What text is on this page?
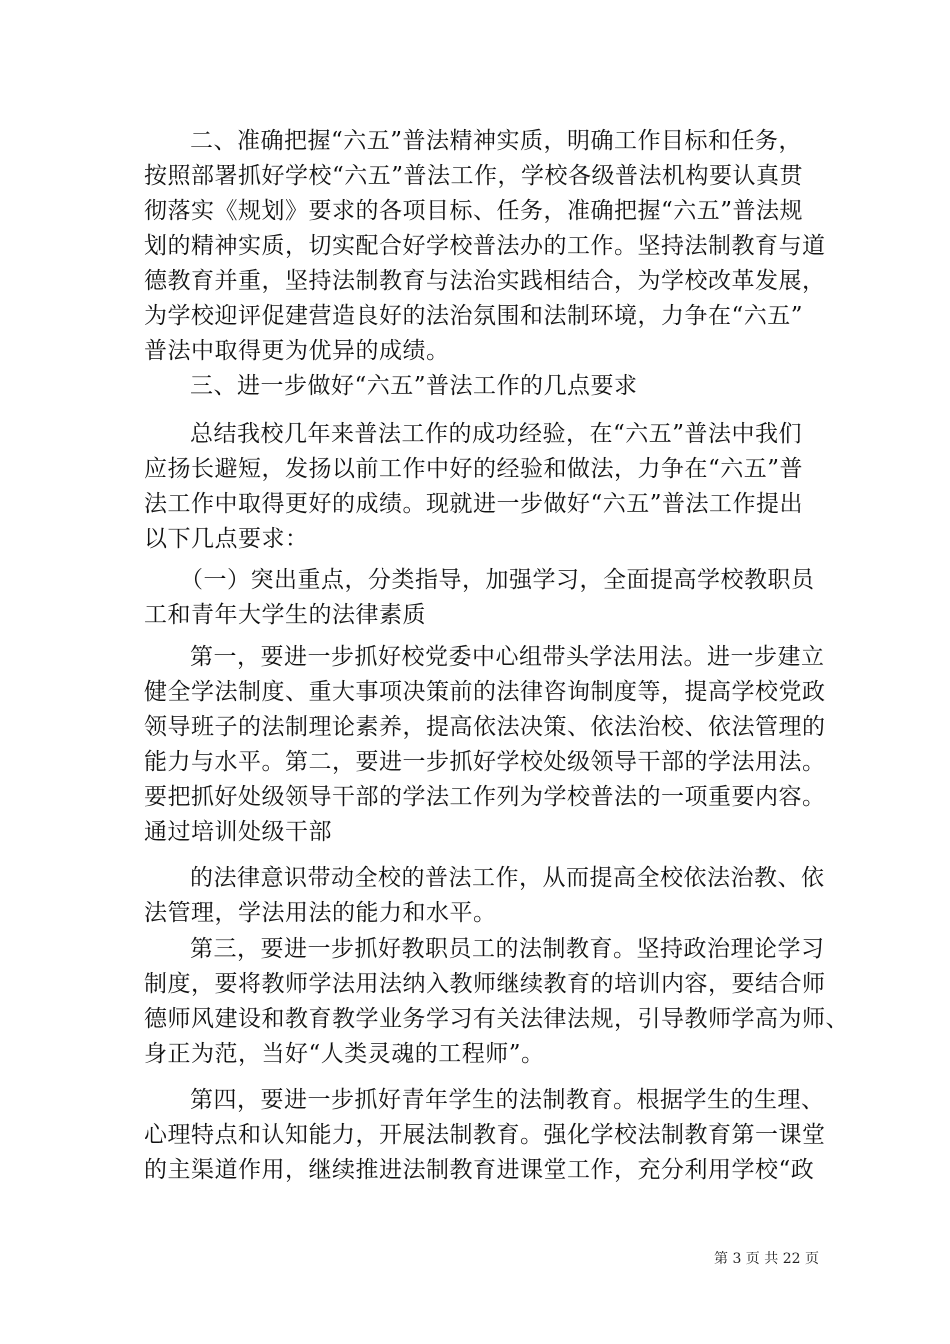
二、准确把握“六五”普法精神实质，明确工作目标和任务，
按照部署抓好学校“六五”普法工作，学校各级普法机构要认真贯
彻落实《规划》要求的各项目标、任务，准确把握“六五”普法规
划的精神实质，切实配合好学校普法办的工作。坚持法制教育与道
德教育并重，坚持法制教育与法治实践相结合，为学校改革发展，
为学校迎评促建营造良好的法治氛围和法制环境，力争在“六五”
普法中取得更为优异的成绩。
三、进一步做好“六五”普法工作的几点要求
总结我校几年来普法工作的成功经验，在“六五”普法中我们
应扬长避短，发扬以前工作中好的经验和做法，力争在“六五”普
法工作中取得更好的成绩。现就进一步做好“六五”普法工作提出
以下几点要求：
（一）突出重点，分类指导，加强学习，全面提高学校教职员
工和青年大学生的法律素质
第一，要进一步抓好校党委中心组带头学法用法。进一步建立
健全学法制度、重大事项决策前的法律咨询制度等，提高学校党政
领导班子的法制理论素养，提高依法决策、依法治校、依法管理的
能力与水平。第二，要进一步抓好学校处级领导干部的学法用法。
要把抓好处级领导干部的学法工作列为学校普法的一项重要内容。
通过培训处级干部
的法律意识带动全校的普法工作，从而提高全校依法治教、依
法管理，学法用法的能力和水平。
第三，要进一步抓好教职员工的法制教育。坚持政治理论学习
制度，要将教师学法用法纳入教师继续教育的培训内容，要结合师
德师风建设和教育教学业务学习有关法律法规，引导教师学高为师、
身正为范，当好“人类灵魂的工程师”。
第四，要进一步抓好青年学生的法制教育。根据学生的生理、
心理特点和认知能力，开展法制教育。强化学校法制教育第一课堂
的主渠道作用，继续推进法制教育进课堂工作，充分利用学校“政
第 3 页 共 22 页
